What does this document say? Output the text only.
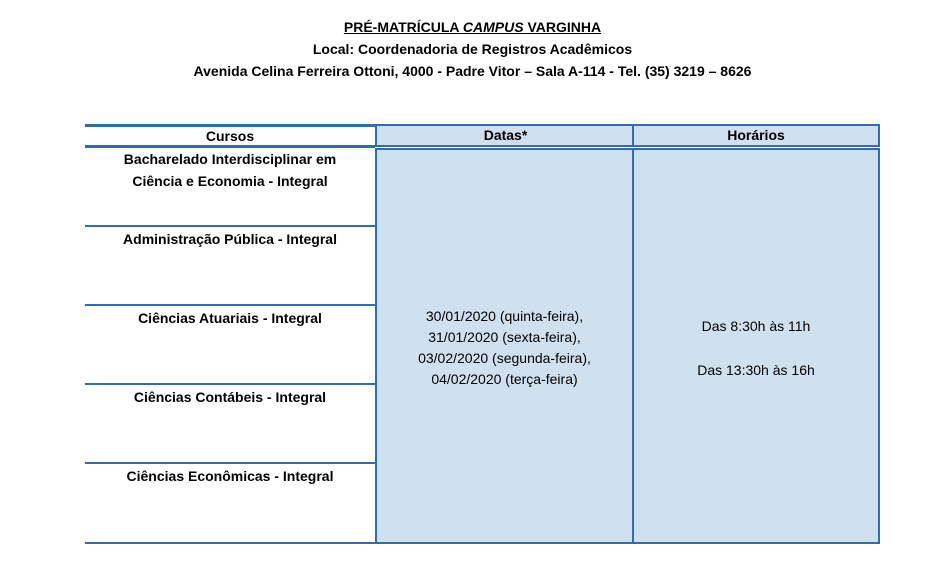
PRÉ-MATRÍCULA CAMPUS VARGINHA
Local: Coordenadoria de Registros Acadêmicos
Avenida Celina Ferreira Ottoni, 4000 - Padre Vitor – Sala A-114 - Tel. (35) 3219 – 8626
30/01/2020 (quinta-feira),
31/01/2020 (sexta-feira),
03/02/2020 (segunda-feira),
04/02/2020 (terça-feira)
Das 8:30h às 11h
Das 13:30h às 16h
Cursos	Datas*	Horários
Bacharelado Interdisciplinar em
Ciência e Economia - Integral
Administração Pública - Integral
Ciências Atuariais - Integral
Ciências Contábeis - Integral
Ciências Econômicas - Integral
